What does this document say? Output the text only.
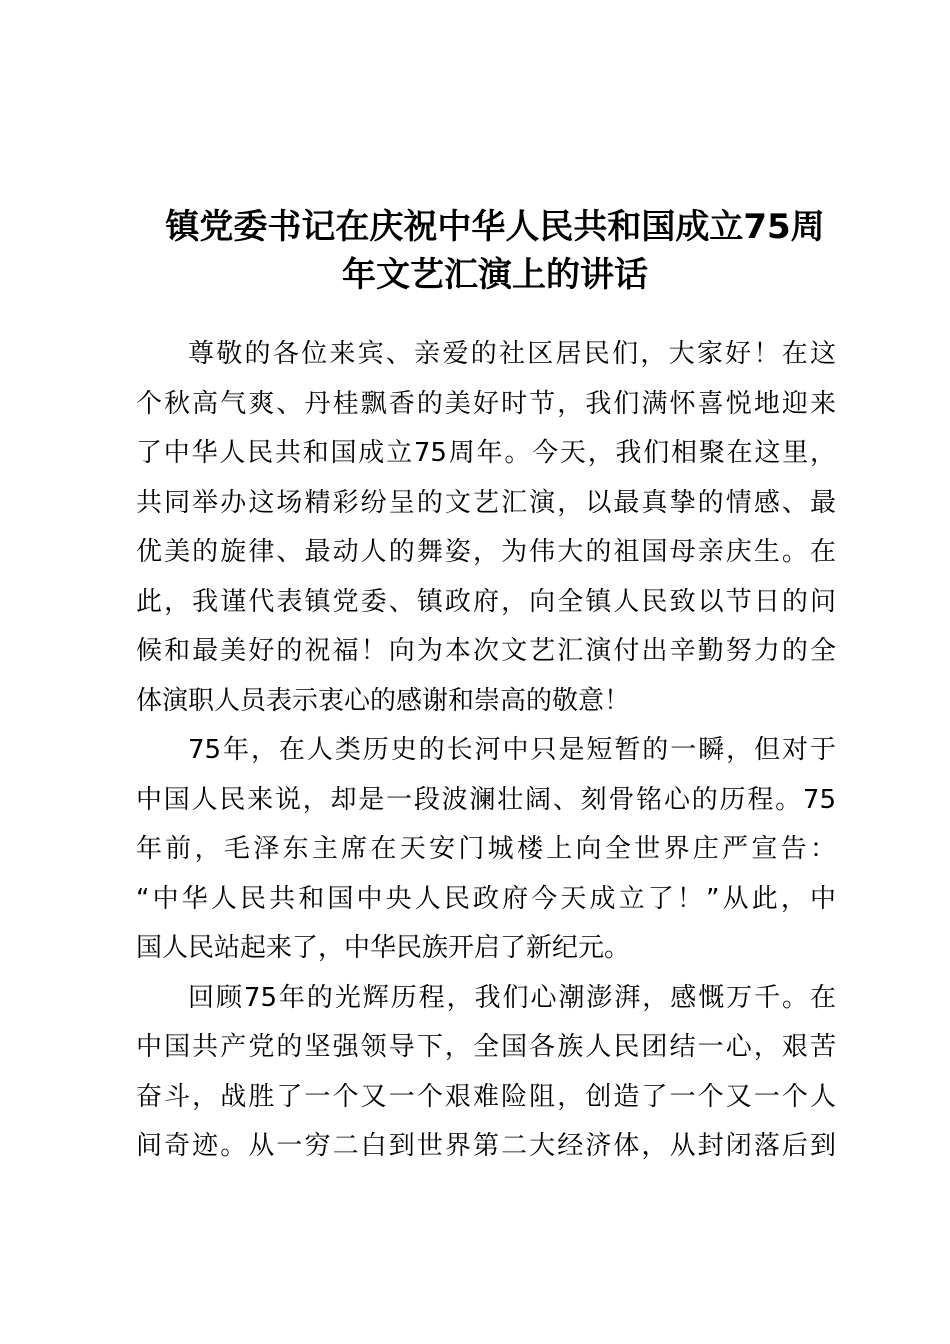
镇党委书记在庆祝中华人民共和国成立75周
年文艺汇演上的讲话
尊敬的各位来宾、亲爱的社区居民们，大家好！在这
个秋高气爽、丹桂飘香的美好时节，我们满怀喜悦地迎来
了中华人民共和国成立75周年。今天，我们相聚在这里，
共同举办这场精彩纷呈的文艺汇演，以最真挚的情感、最
优美的旋律、最动人的舞姿，为伟大的祖国母亲庆生。在
此，我谨代表镇党委、镇政府，向全镇人民致以节日的问
候和最美好的祝福！向为本次文艺汇演付出辛勤努力的全
体演职人员表示衷心的感谢和崇高的敬意！
75年，在人类历史的长河中只是短暂的一瞬，但对于
中国人民来说，却是一段波澜壮阔、刻骨铭心的历程。75
年前，毛泽东主席在天安门城楼上向全世界庄严宣告：
“中华人民共和国中央人民政府今天成立了！”从此，中
国人民站起来了，中华民族开启了新纪元。
回顾75年的光辉历程，我们心潮澎湃，感慨万千。在
中国共产党的坚强领导下，全国各族人民团结一心，艰苦
奋斗，战胜了一个又一个艰难险阻，创造了一个又一个人
间奇迹。从一穷二白到世界第二大经济体，从封闭落后到
